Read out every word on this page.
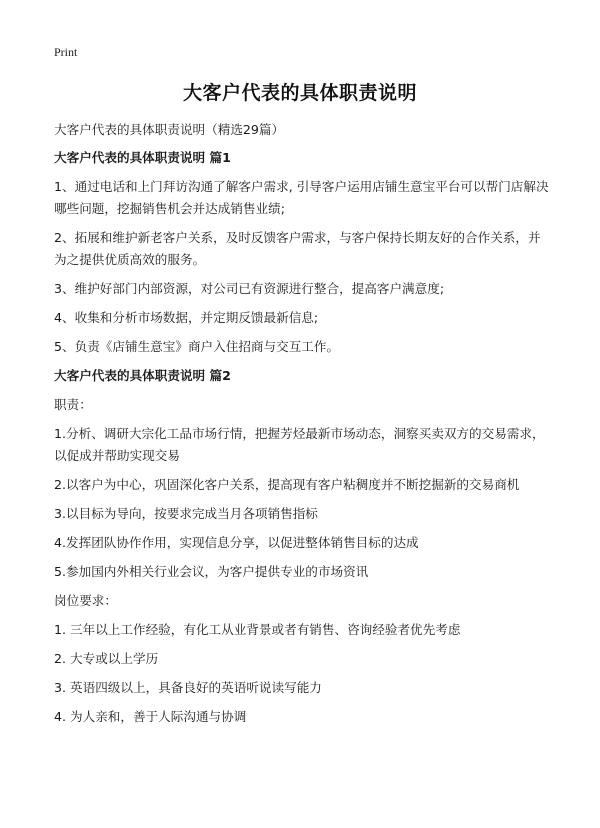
Print
大客户代表的具体职责说明

大客户代表的具体职责说明（精选29篇）

大客户代表的具体职责说明 篇1

1、通过电话和上门拜访沟通了解客户需求, 引导客户运用店铺生意宝平台可以帮门店解决哪些问题，挖掘销售机会并达成销售业绩;

2、拓展和维护新老客户关系，及时反馈客户需求，与客户保持长期友好的合作关系，并为之提供优质高效的服务。

3、维护好部门内部资源，对公司已有资源进行整合，提高客户满意度;

4、收集和分析市场数据，并定期反馈最新信息;

5、负责《店铺生意宝》商户入住招商与交互工作。

大客户代表的具体职责说明 篇2

职责：

1.分析、调研大宗化工品市场行情，把握芳烃最新市场动态，洞察买卖双方的交易需求，以促成并帮助实现交易

2.以客户为中心，巩固深化客户关系，提高现有客户粘稠度并不断挖掘新的交易商机

3.以目标为导向，按要求完成当月各项销售指标

4.发挥团队协作作用，实现信息分享，以促进整体销售目标的达成

5.参加国内外相关行业会议，为客户提供专业的市场资讯

岗位要求：

1. 三年以上工作经验，有化工从业背景或者有销售、咨询经验者优先考虑

2. 大专或以上学历

3. 英语四级以上，具备良好的英语听说读写能力

4. 为人亲和，善于人际沟通与协调
